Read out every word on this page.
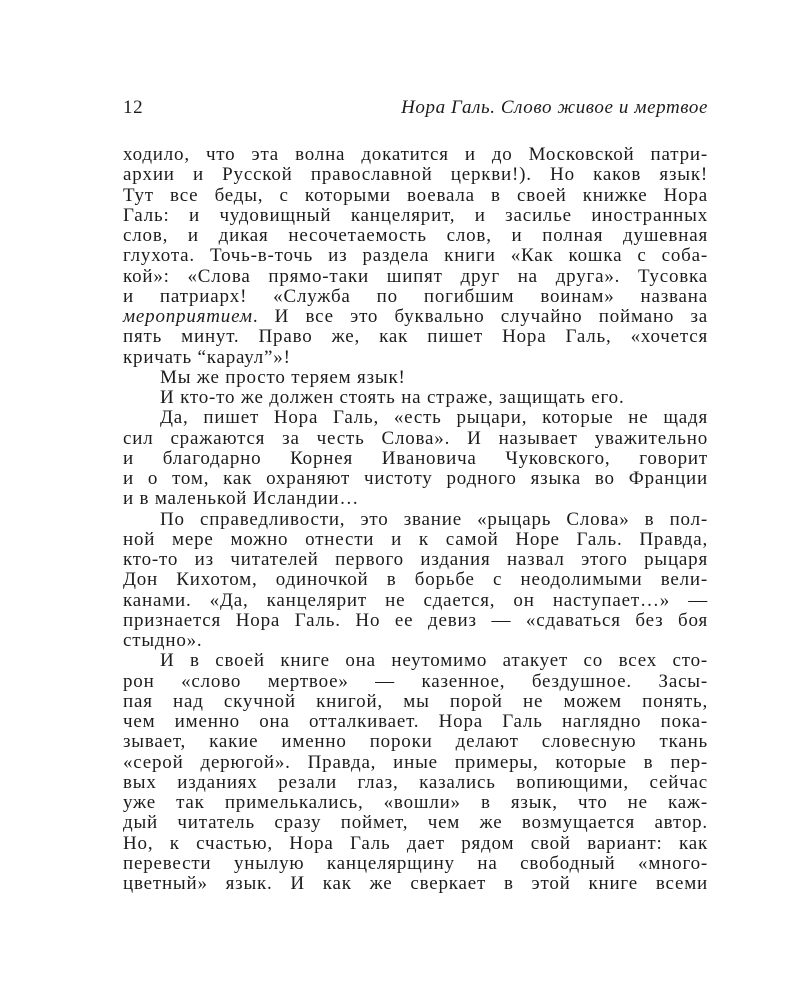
12	Нора Галь. Слово живое и мертвое
ходило, что эта волна докатится и до Московской патри-
архии и Русской православной церкви!). Но каков язык!
Тут все беды, с которыми воевала в своей книжке Нора
Галь: и чудовищный канцелярит, и засилье иностранных
слов, и дикая несочетаемость слов, и полная душевная
глухота. Точь-в-точь из раздела книги «Как кошка с соба-
кой»: «Слова прямо-таки шипят друг на друга». Тусовка
и патриарх! «Служба по погибшим воинам» названа
мероприятием. И все это буквально случайно поймано за
пять минут. Право же, как пишет Нора Галь, «хочется
кричать “караул”»!
Мы же просто теряем язык!
И кто-то же должен стоять на страже, защищать его.
Да, пишет Нора Галь, «есть рыцари, которые не щадя
сил сражаются за честь Слова». И называет уважительно
и благодарно Корнея Ивановича Чуковского, говорит
и о том, как охраняют чистоту родного языка во Франции
и в маленькой Исландии…
По справедливости, это звание «рыцарь Слова» в пол-
ной мере можно отнести и к самой Норе Галь. Правда,
кто-то из читателей первого издания назвал этого рыцаря
Дон Кихотом, одиночкой в борьбе с неодолимыми вели-
канами. «Да, канцелярит не сдается, он наступает…» —
признается Нора Галь. Но ее девиз — «сдаваться без боя
стыдно».
И в своей книге она неутомимо атакует со всех сто-
рон «слово мертвое» — казенное, бездушное. Засы-
пая над скучной книгой, мы порой не можем понять,
чем именно она отталкивает. Нора Галь наглядно пока-
зывает, какие именно пороки делают словесную ткань
«серой дерюгой». Правда, иные примеры, которые в пер-
вых изданиях резали глаз, казались вопиющими, сейчас
уже так примелькались, «вошли» в язык, что не каж-
дый читатель сразу поймет, чем же возмущается автор.
Но, к счастью, Нора Галь дает рядом свой вариант: как
перевести унылую канцелярщину на свободный «много-
цветный» язык. И как же сверкает в этой книге всеми
